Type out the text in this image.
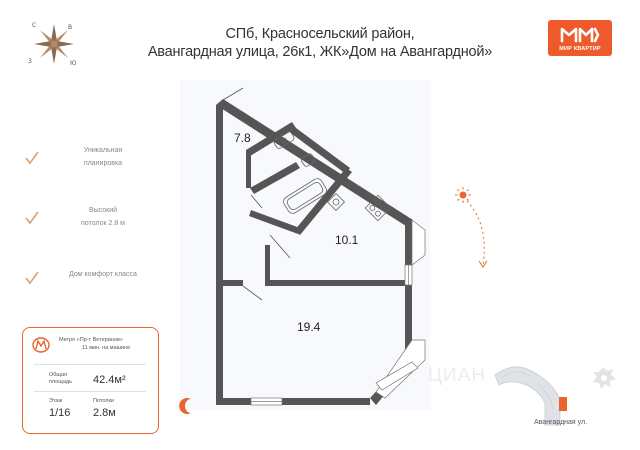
С	В
З	Ю
СПб, Красносельский район,
Авангардная улица, 26к1, ЖК»Дом на Авангардной»	МИР КВАРТИР
Уникальная
планировка
Высокий
потолок 2.8 м
Дом комфорт класса
Метро «Пр-т Ветеранов»
11 мин. на машине
Общая
площадь 42.4м²
Этаж
1/16
Потолки
2.8м
7.8
10.1
19.4
Авангардная ул.
ЦИАН
